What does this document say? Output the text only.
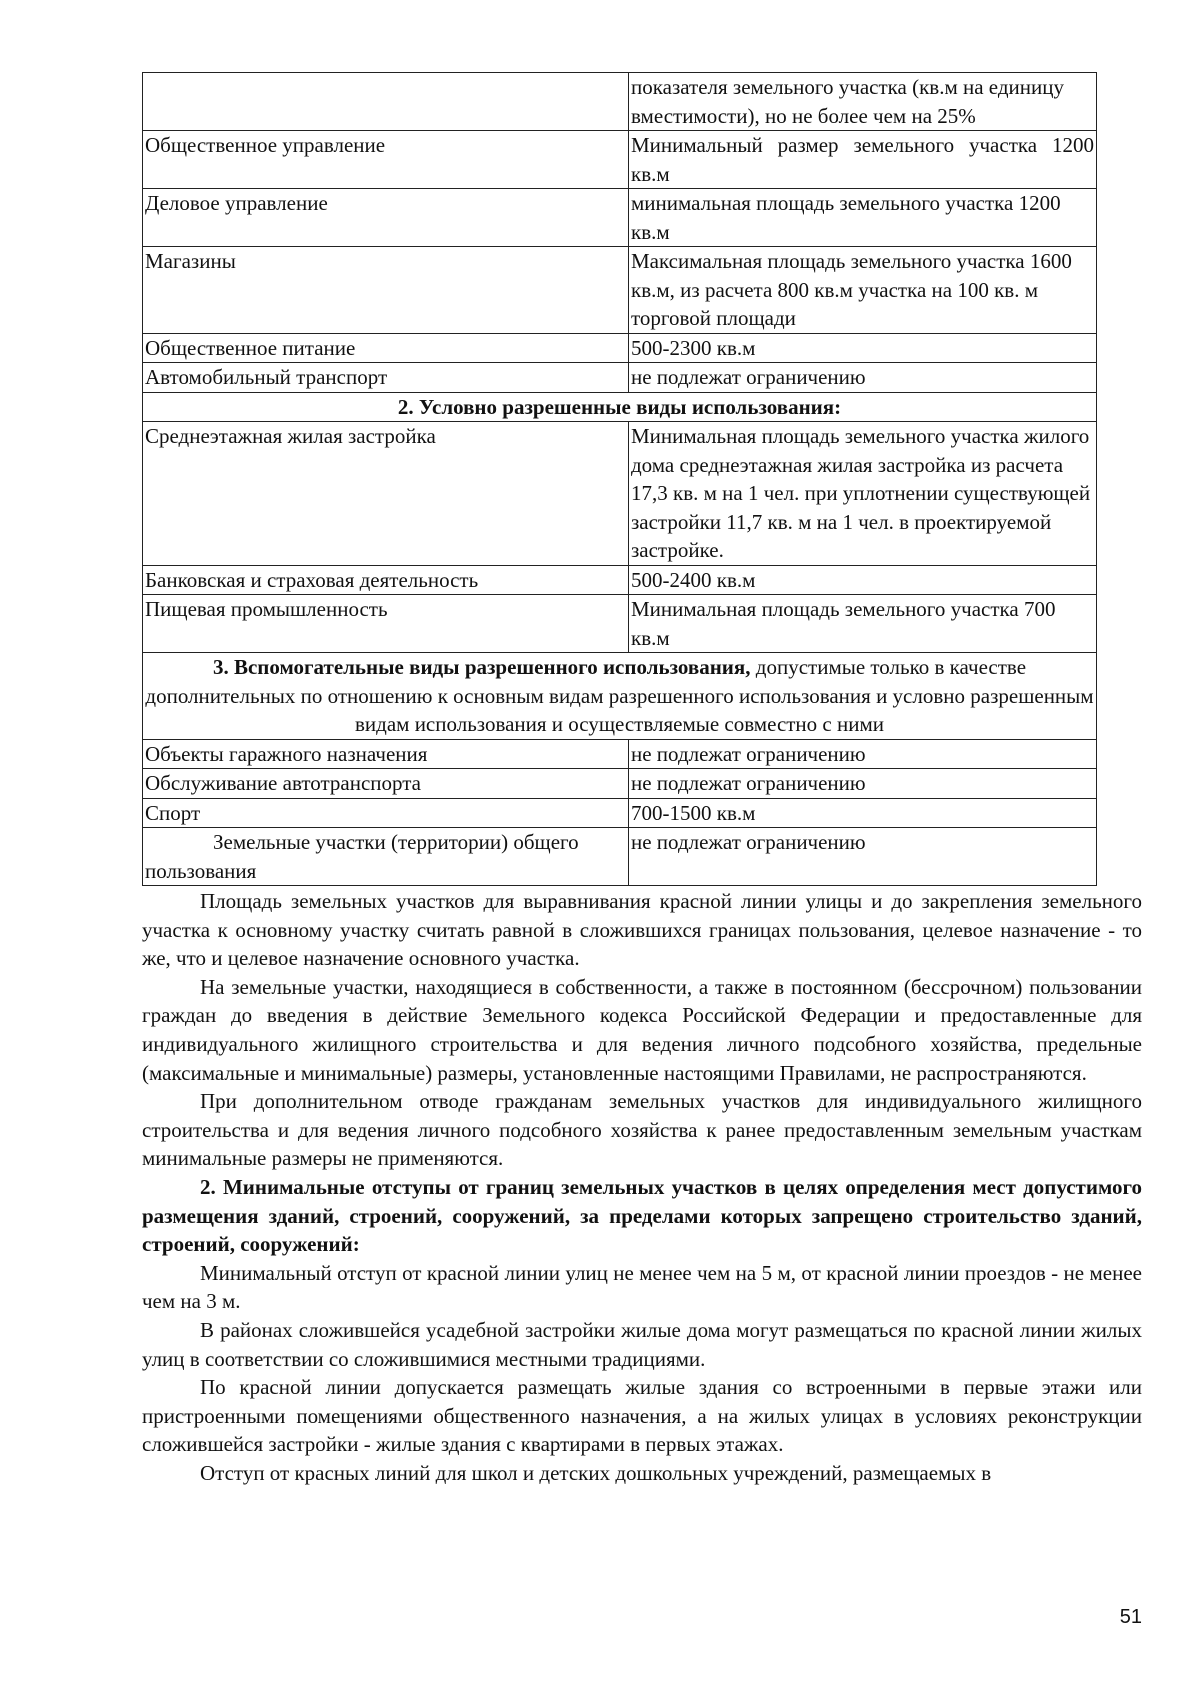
	показателя земельного участка (кв.м на единицу вместимости), но не более чем на 25%
Общественное управление	Минимальный размер земельного участка 1200 кв.м
Деловое управление	минимальная площадь земельного участка 1200 кв.м
Магазины	Максимальная площадь земельного участка 1600 кв.м, из расчета 800 кв.м участка на 100 кв. м торговой площади
Общественное питание	500-2300 кв.м
Автомобильный транспорт	не подлежат ограничению
2. Условно разрешенные виды использования:	
Среднеэтажная жилая застройка	Минимальная площадь земельного участка жилого дома среднеэтажная жилая застройка из расчета 17,3 кв. м на 1 чел. при уплотнении существующей застройки 11,7 кв. м на 1 чел. в проектируемой застройке.
Банковская и страховая деятельность	500-2400 кв.м
Пищевая промышленность	Минимальная площадь земельного участка 700 кв.м
3. Вспомогательные виды разрешенного использования, допустимые только в качестве дополнительных по отношению к основным видам разрешенного использования и условно разрешенным видам использования и осуществляемые совместно с ними	
Объекты гаражного назначения	не подлежат ограничению
Обслуживание автотранспорта	не подлежат ограничению
Спорт	700-1500 кв.м
Земельные участки (территории) общего пользования	не подлежат ограничению

Площадь земельных участков для выравнивания красной линии улицы и до закрепления земельного участка к основному участку считать равной в сложившихся границах пользования, целевое назначение - то же, что и целевое назначение основного участка.

На земельные участки, находящиеся в собственности, а также в постоянном (бессрочном) пользовании граждан до введения в действие Земельного кодекса Российской Федерации и предоставленные для индивидуального жилищного строительства и для ведения личного подсобного хозяйства, предельные (максимальные и минимальные) размеры, установленные настоящими Правилами, не распространяются.

При дополнительном отводе гражданам земельных участков для индивидуального жилищного строительства и для ведения личного подсобного хозяйства к ранее предоставленным земельным участкам минимальные размеры не применяются.

2. Минимальные отступы от границ земельных участков в целях определения мест допустимого размещения зданий, строений, сооружений, за пределами которых запрещено строительство зданий, строений, сооружений:

Минимальный отступ от красной линии улиц не менее чем на 5 м, от красной линии проездов - не менее чем на 3 м.

В районах сложившейся усадебной застройки жилые дома могут размещаться по красной линии жилых улиц в соответствии со сложившимися местными традициями.

По красной линии допускается размещать жилые здания со встроенными в первые этажи или пристроенными помещениями общественного назначения, а на жилых улицах в условиях реконструкции сложившейся застройки - жилые здания с квартирами в первых этажах.

Отступ от красных линий для школ и детских дошкольных учреждений, размещаемых в

51
